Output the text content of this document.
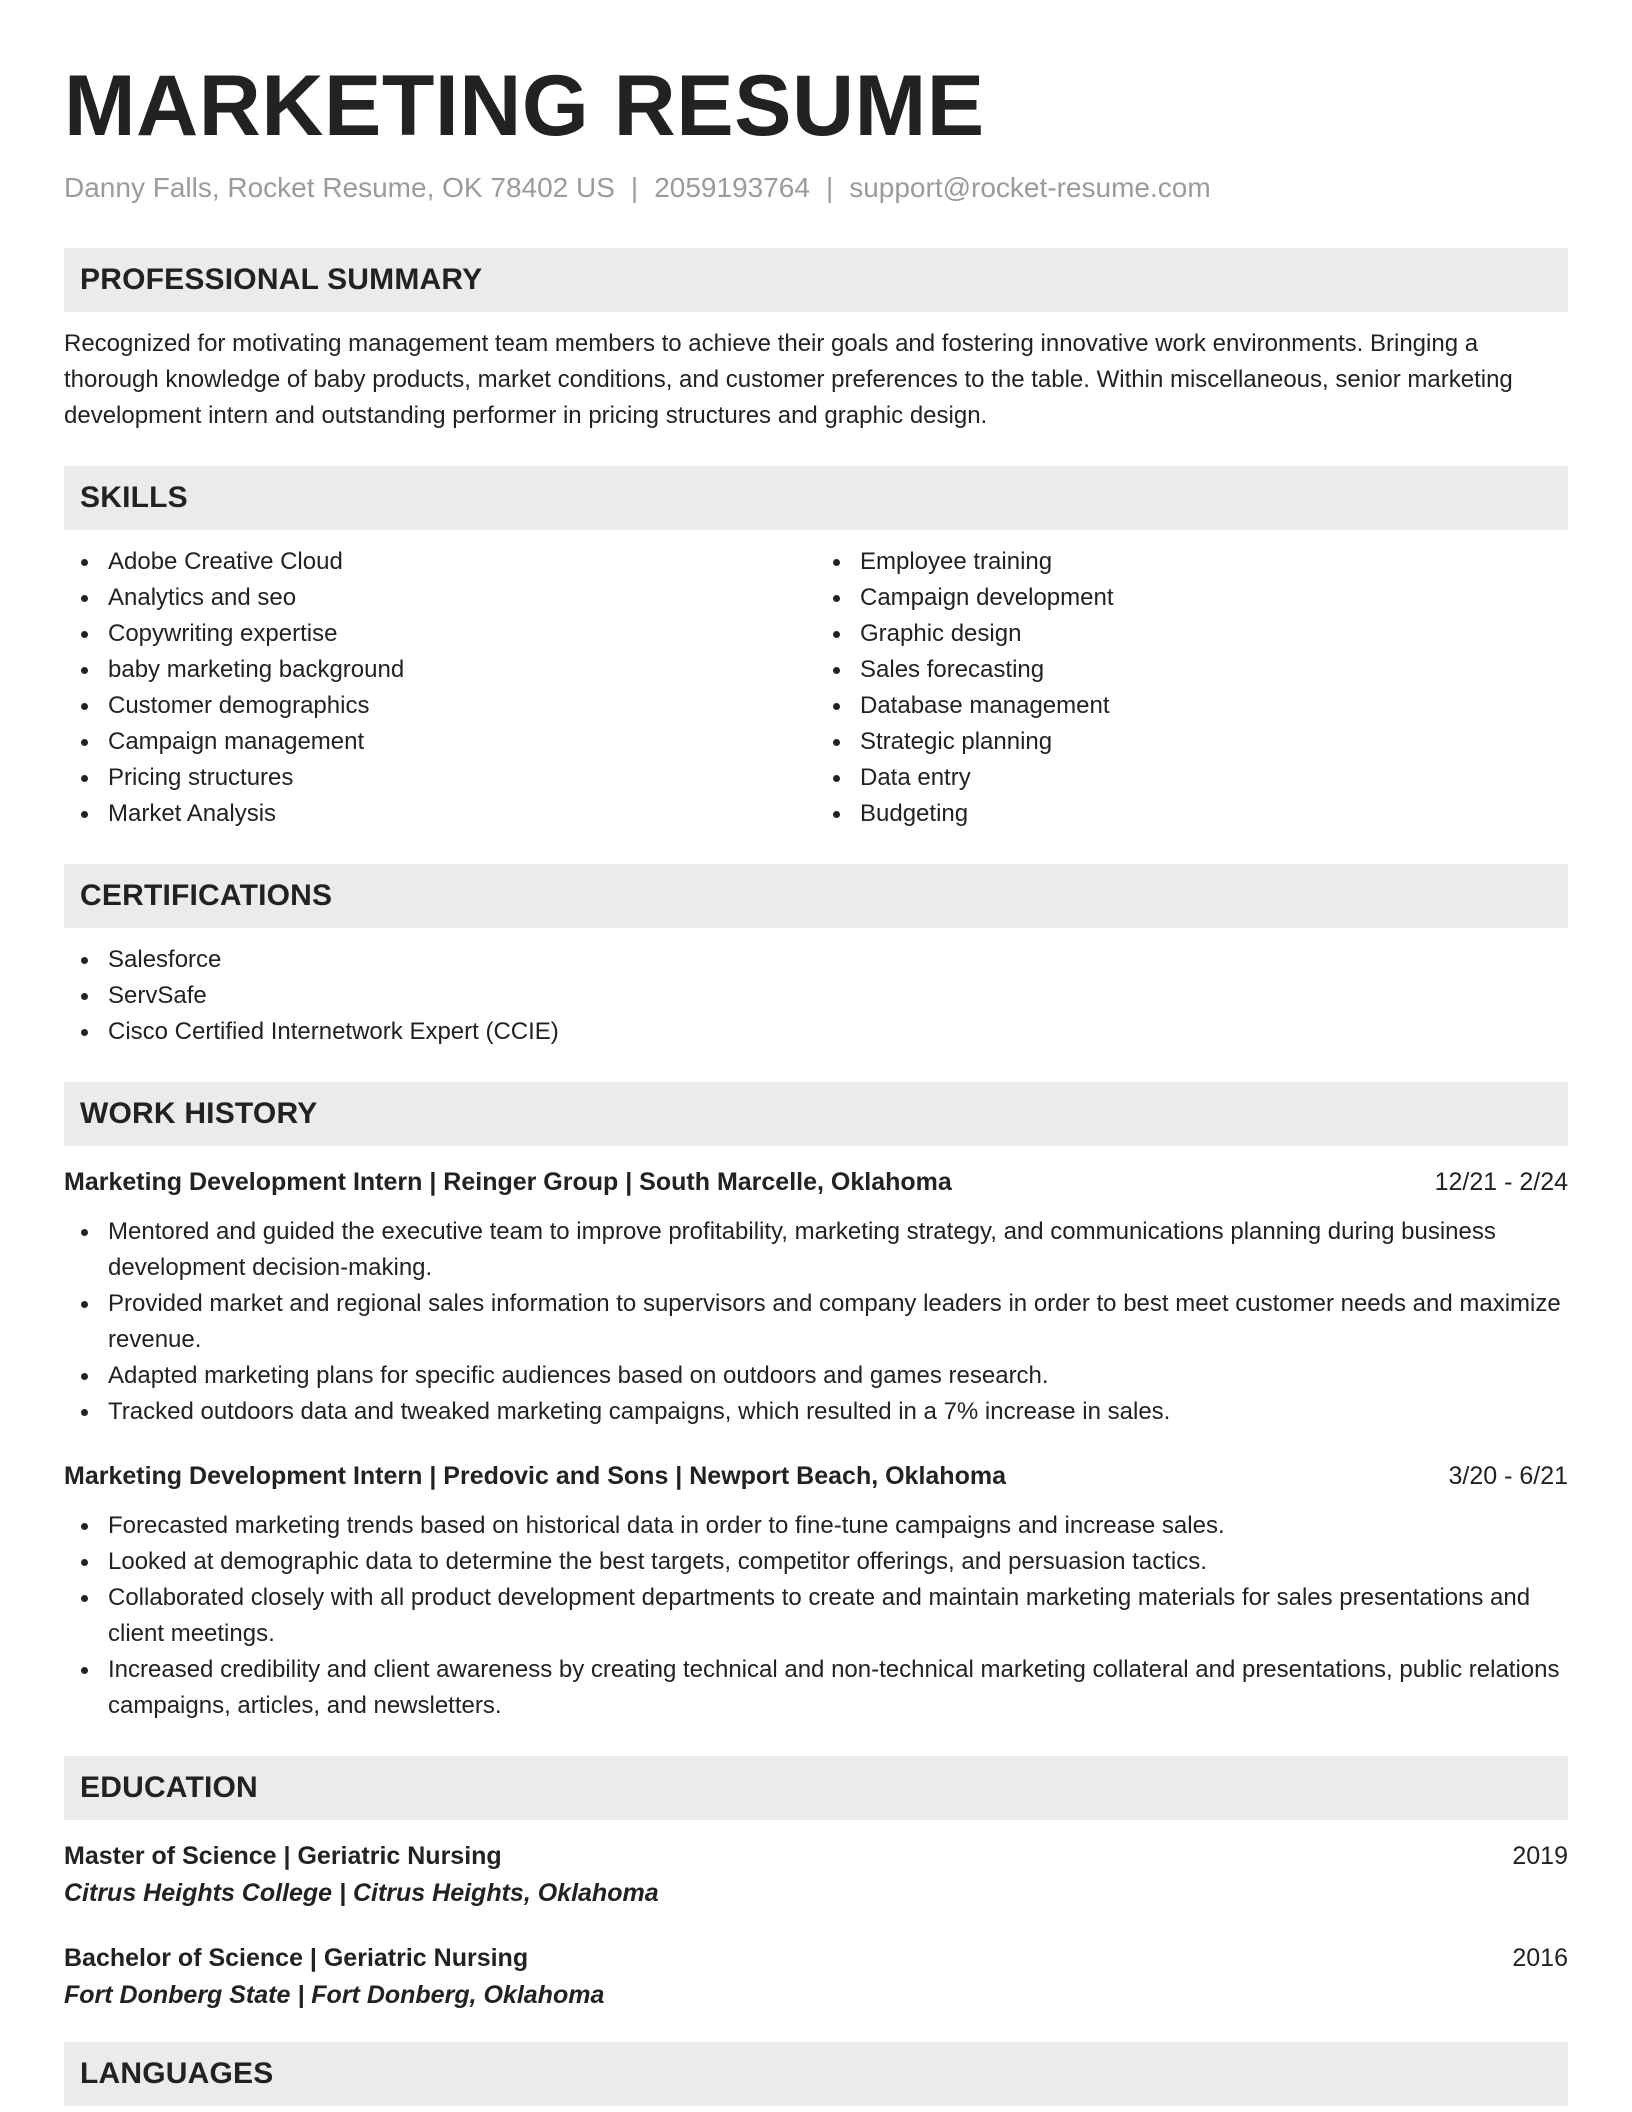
MARKETING RESUME
Danny Falls, Rocket Resume, OK 78402 US | 2059193764 | support@rocket-resume.com
PROFESSIONAL SUMMARY

Recognized for motivating management team members to achieve their goals and fostering innovative work environments. Bringing a thorough knowledge of baby products, market conditions, and customer preferences to the table. Within miscellaneous, senior marketing development intern and outstanding performer in pricing structures and graphic design.

SKILLS
Adobe Creative Cloud
Analytics and seo
Copywriting expertise
baby marketing background
Customer demographics
Campaign management
Pricing structures
Market Analysis
Employee training
Campaign development
Graphic design
Sales forecasting
Database management
Strategic planning
Data entry
Budgeting
CERTIFICATIONS
Salesforce
ServSafe
Cisco Certified Internetwork Expert (CCIE)
WORK HISTORY
Marketing Development Intern | Reinger Group | South Marcelle, Oklahoma	12/21 - 2/24
Mentored and guided the executive team to improve profitability, marketing strategy, and communications planning during business development decision-making.
Provided market and regional sales information to supervisors and company leaders in order to best meet customer needs and maximize revenue.
Adapted marketing plans for specific audiences based on outdoors and games research.
Tracked outdoors data and tweaked marketing campaigns, which resulted in a 7% increase in sales.
Marketing Development Intern | Predovic and Sons | Newport Beach, Oklahoma	3/20 - 6/21
Forecasted marketing trends based on historical data in order to fine-tune campaigns and increase sales.
Looked at demographic data to determine the best targets, competitor offerings, and persuasion tactics.
Collaborated closely with all product development departments to create and maintain marketing materials for sales presentations and client meetings.
Increased credibility and client awareness by creating technical and non-technical marketing collateral and presentations, public relations campaigns, articles, and newsletters.
EDUCATION
Master of Science | Geriatric Nursing	2019
Citrus Heights College | Citrus Heights, Oklahoma
Bachelor of Science | Geriatric Nursing	2016
Fort Donberg State | Fort Donberg, Oklahoma
LANGUAGES
